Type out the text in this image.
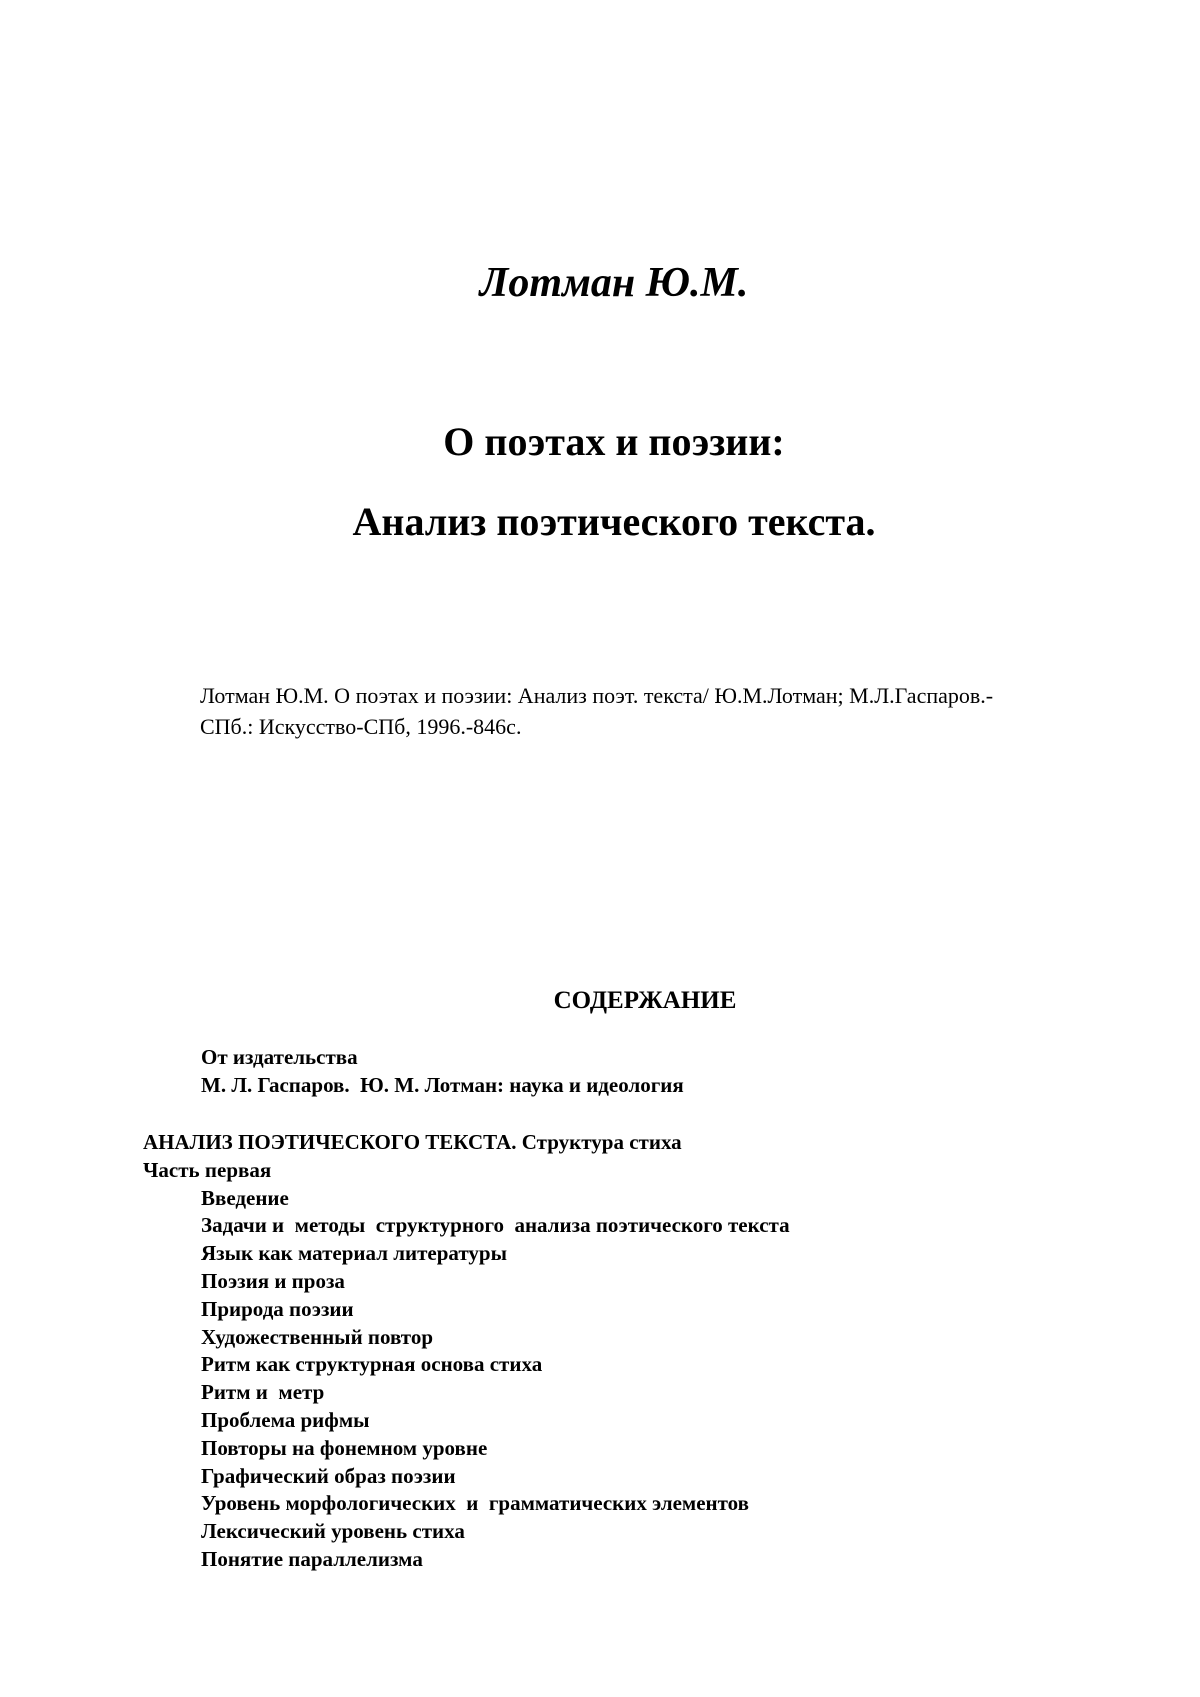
Лотман Ю.М.
О поэтах и поэзии:
Анализ поэтического текста.

Лотман Ю.М. О поэтах и поэзии: Анализ поэт. текста/ Ю.М.Лотман; М.Л.Гаспаров.-
СПб.: Искусство-СПб, 1996.-846с.

СОДЕРЖАНИЕ
От издательства
М. Л. Гаспаров.  Ю. М. Лотман: наука и идеология
АНАЛИЗ ПОЭТИЧЕСКОГО ТЕКСТА. Структура стиха
Часть первая
Введение
Задачи и  методы  структурного  анализа поэтического текста
Язык как материал литературы
Поэзия и проза
Природа поэзии
Художественный повтор
Ритм как структурная основа стиха
Ритм и  метр
Проблема рифмы
Повторы на фонемном уровне
Графический образ поэзии
Уровень морфологических  и  грамматических элементов
Лексический уровень стиха
Понятие параллелизма
